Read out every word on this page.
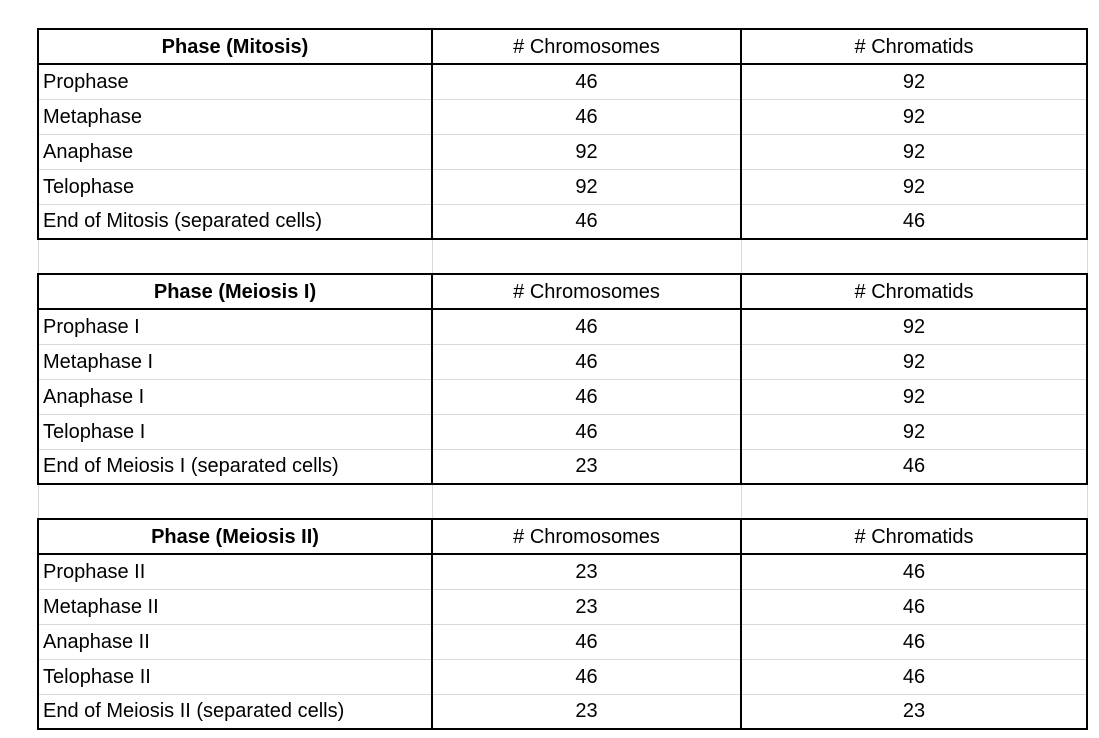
Phase (Mitosis)	# Chromosomes	# Chromatids
Prophase	46	92
Metaphase	46	92
Anaphase	92	92
Telophase	92	92
End of Mitosis (separated cells)	46	46

Phase (Meiosis I)	# Chromosomes	# Chromatids
Prophase I	46	92
Metaphase I	46	92
Anaphase I	46	92
Telophase I	46	92
End of Meiosis I (separated cells)	23	46

Phase (Meiosis II)	# Chromosomes	# Chromatids
Prophase II	23	46
Metaphase II	23	46
Anaphase II	46	46
Telophase II	46	46
End of Meiosis II (separated cells)	23	23
